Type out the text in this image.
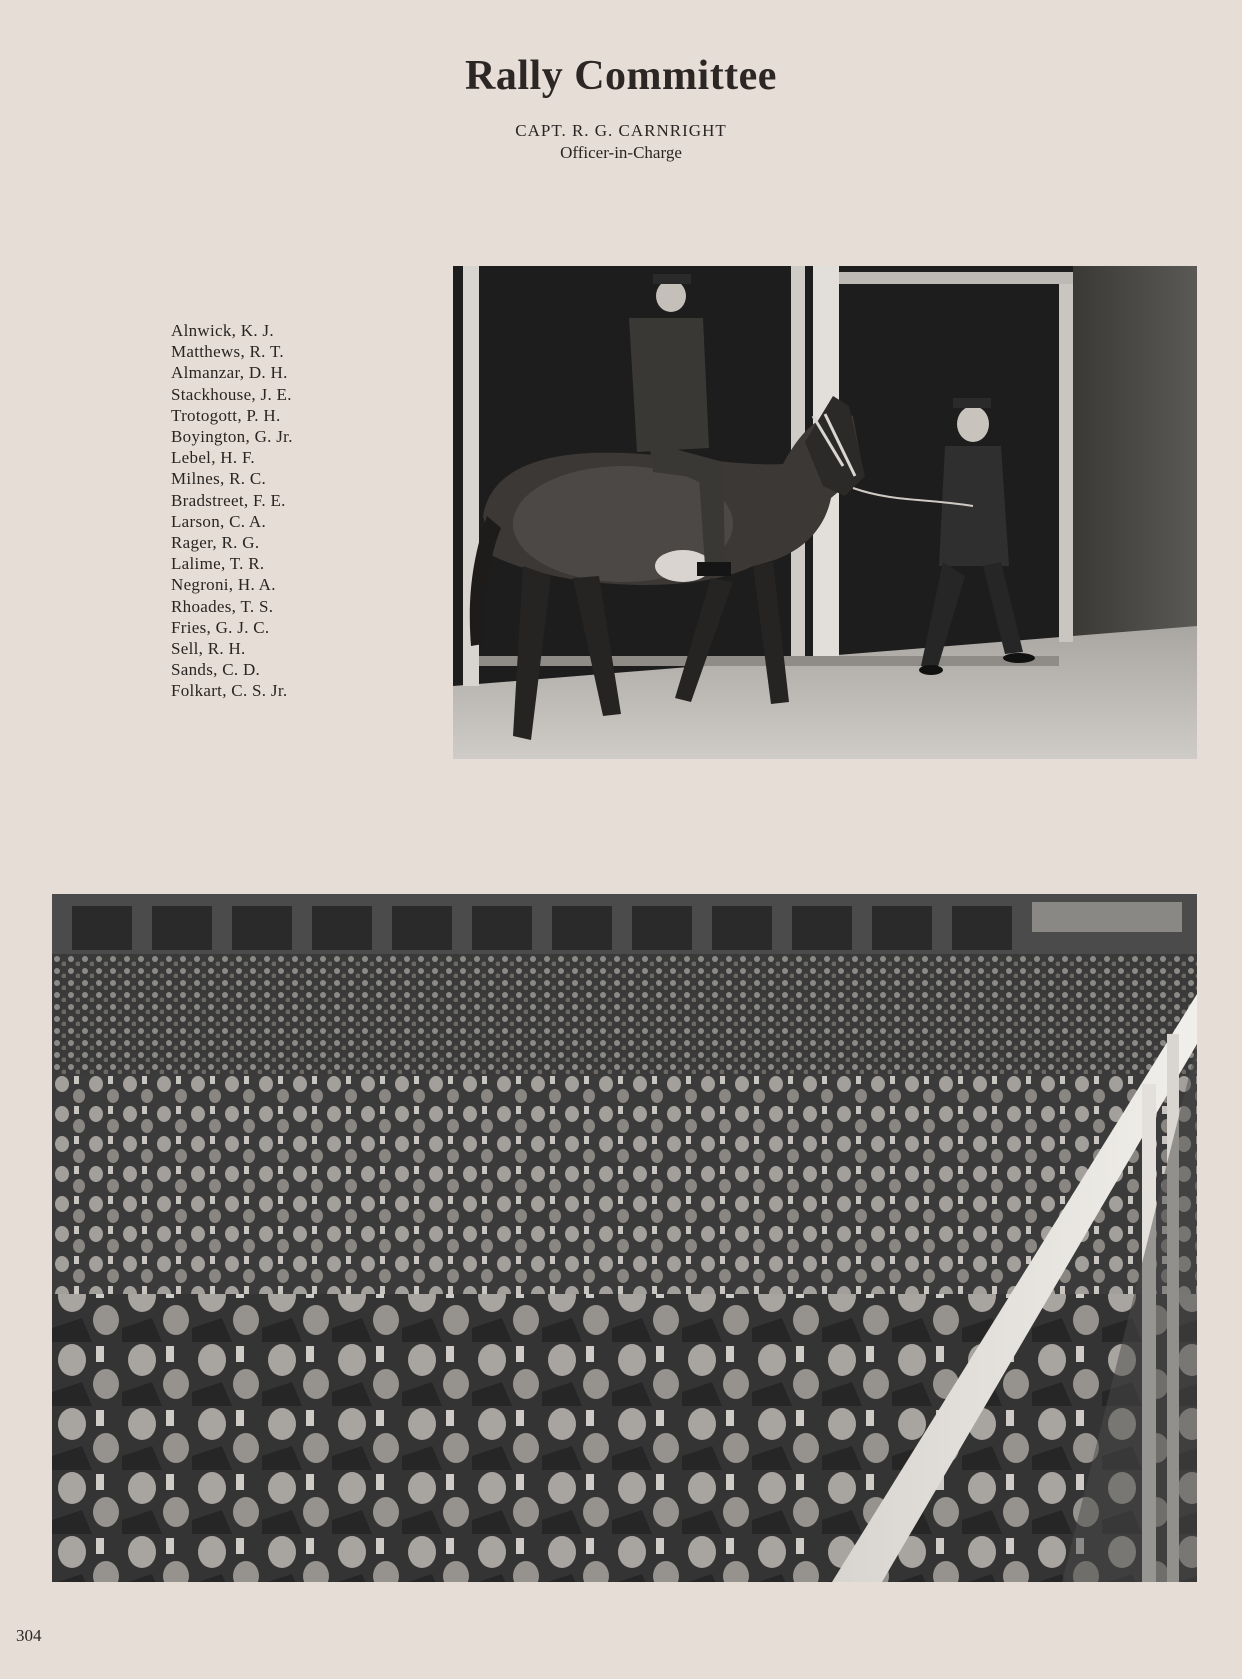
Rally Committee
CAPT. R. G. CARNRIGHT
Officer-in-Charge
Alnwick, K. J.
Matthews, R. T.
Almanzar, D. H.
Stackhouse, J. E.
Trotogott, P. H.
Boyington, G. Jr.
Lebel, H. F.
Milnes, R. C.
Bradstreet, F. E.
Larson, C. A.
Rager, R. G.
Lalime, T. R.
Negroni, H. A.
Rhoades, T. S.
Fries, G. J. C.
Sell, R. H.
Sands, C. D.
Folkart, C. S. Jr.
304
